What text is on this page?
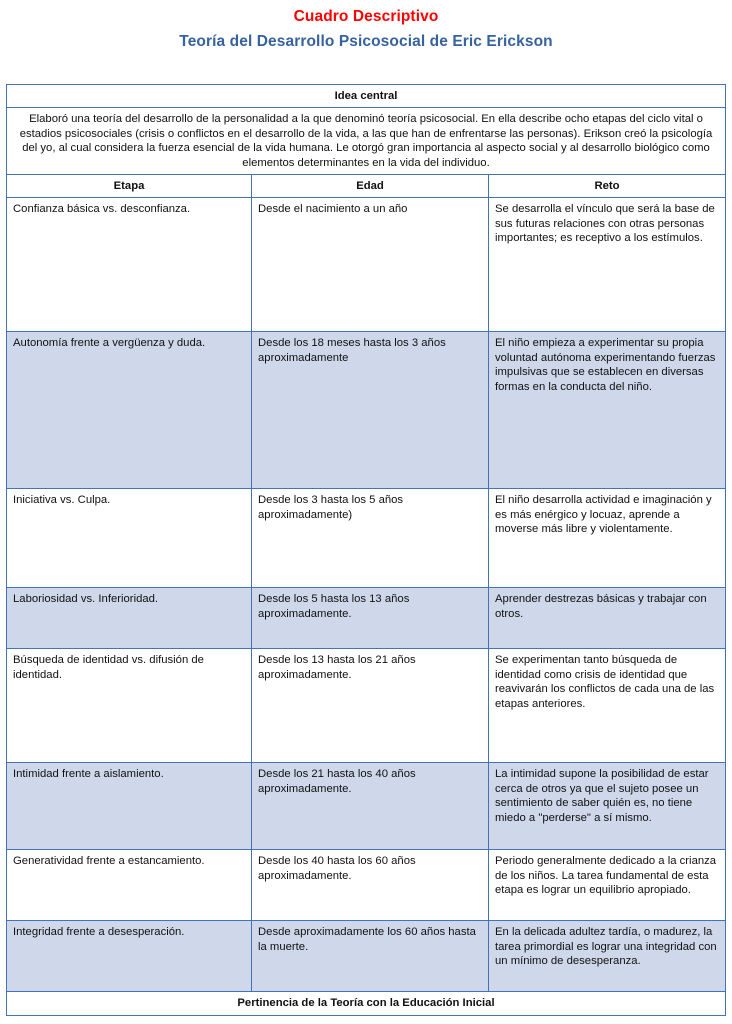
Cuadro Descriptivo
Teoría del Desarrollo Psicosocial de Eric Erickson
Idea central		
Elaboró una teoría del desarrollo de la personalidad a la que denominó teoría psicosocial. En ella describe ocho etapas del ciclo vital o estadios psicosociales (crisis o conflictos en el desarrollo de la vida, a las que han de enfrentarse las personas). Erikson creó la psicología del yo, al cual considera la fuerza esencial de la vida humana. Le otorgó gran importancia al aspecto social y al desarrollo biológico como elementos determinantes en la vida del individuo.		
Etapa	Edad	Reto
Confianza básica vs. desconfianza.	Desde el nacimiento a un año	Se desarrolla el vínculo que será la base de sus futuras relaciones con otras personas importantes; es receptivo a los estímulos.
Autonomía frente a vergüenza y duda.	Desde los 18 meses hasta los 3 años aproximadamente	El niño empieza a experimentar su propia voluntad autónoma experimentando fuerzas impulsivas que se establecen en diversas formas en la conducta del niño.
Iniciativa vs. Culpa.	Desde los 3 hasta los 5 años aproximadamente)	El niño desarrolla actividad e imaginación y es más enérgico y locuaz, aprende a moverse más libre y violentamente.
Laboriosidad vs. Inferioridad.	Desde los 5 hasta los 13 años aproximadamente.	Aprender destrezas básicas y trabajar con otros.
Búsqueda de identidad vs. difusión de identidad.	Desde los 13 hasta los 21 años aproximadamente.	Se experimentan tanto búsqueda de identidad como crisis de identidad que reavivarán los conflictos de cada una de las etapas anteriores.
Intimidad frente a aislamiento.	Desde los 21 hasta los 40 años aproximadamente.	La intimidad supone la posibilidad de estar cerca de otros ya que el sujeto posee un sentimiento de saber quién es, no tiene miedo a "perderse" a sí mismo.
Generatividad frente a estancamiento.	Desde los 40 hasta los 60 años aproximadamente.	Periodo generalmente dedicado a la crianza de los niños. La tarea fundamental de esta etapa es lograr un equilibrio apropiado.
Integridad frente a desesperación.	Desde aproximadamente los 60 años hasta la muerte.	En la delicada adultez tardía, o madurez, la tarea primordial es lograr una integridad con un mínimo de desesperanza.
Pertinencia de la Teoría con la Educación Inicial		
